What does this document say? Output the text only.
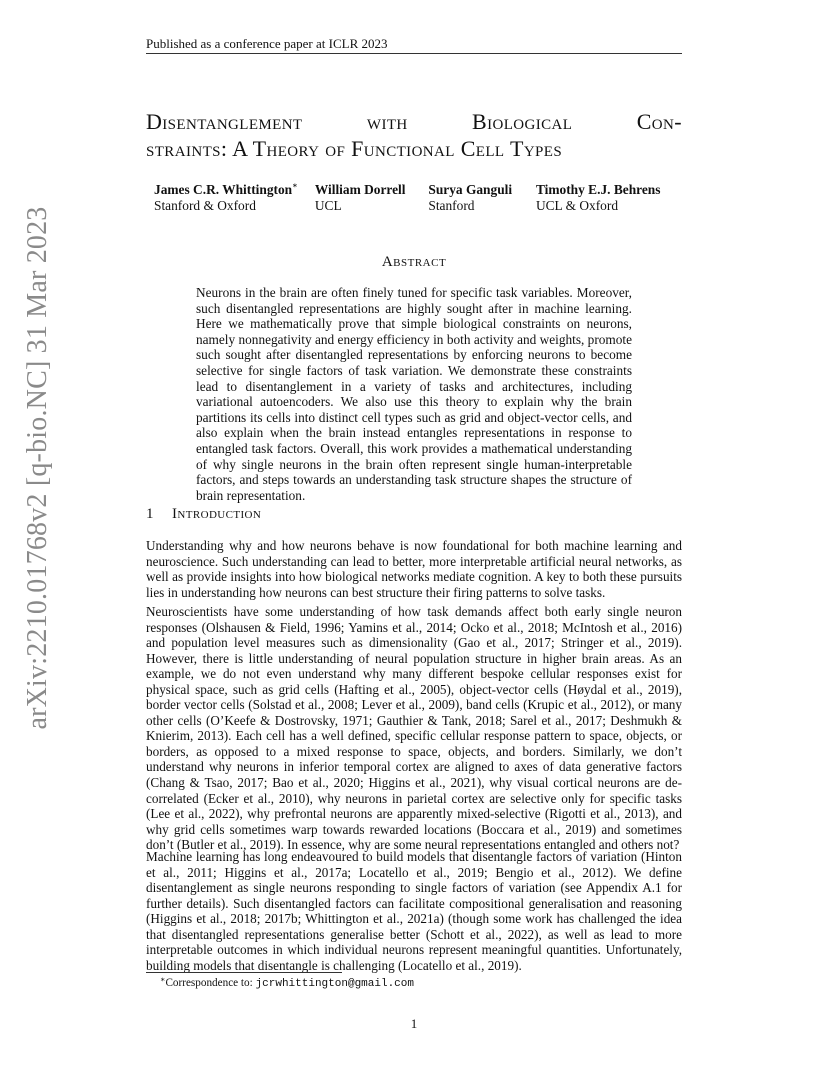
Published as a conference paper at ICLR 2023
arXiv:2210.01768v2 [q-bio.NC] 31 Mar 2023
Disentanglement with Biological Con-
straints: A Theory of Functional Cell Types
James C.R. Whittington∗
Stanford & Oxford
William Dorrell
UCL
Surya Ganguli
Stanford
Timothy E.J. Behrens
UCL & Oxford
Abstract
Neurons in the brain are often finely tuned for specific task variables. Moreover, such disentangled representations are highly sought after in machine learning. Here we mathematically prove that simple biological constraints on neurons, namely nonnegativity and energy efficiency in both activity and weights, promote such sought after disentangled representations by enforcing neurons to become selective for single factors of task variation. We demonstrate these constraints lead to disentanglement in a variety of tasks and architectures, including variational autoencoders. We also use this theory to explain why the brain partitions its cells into distinct cell types such as grid and object-vector cells, and also explain when the brain instead entangles representations in response to entangled task factors. Overall, this work provides a mathematical understanding of why single neurons in the brain often represent single human-interpretable factors, and steps towards an understanding task structure shapes the structure of brain representation.
1 Introduction
Understanding why and how neurons behave is now foundational for both machine learning and neuroscience. Such understanding can lead to better, more interpretable artificial neural networks, as well as provide insights into how biological networks mediate cognition. A key to both these pursuits lies in understanding how neurons can best structure their firing patterns to solve tasks.
Neuroscientists have some understanding of how task demands affect both early single neuron responses (Olshausen & Field, 1996; Yamins et al., 2014; Ocko et al., 2018; McIntosh et al., 2016) and population level measures such as dimensionality (Gao et al., 2017; Stringer et al., 2019). However, there is little understanding of neural population structure in higher brain areas. As an example, we do not even understand why many different bespoke cellular responses exist for physical space, such as grid cells (Hafting et al., 2005), object-vector cells (Høydal et al., 2019), border vector cells (Solstad et al., 2008; Lever et al., 2009), band cells (Krupic et al., 2012), or many other cells (O’Keefe & Dostrovsky, 1971; Gauthier & Tank, 2018; Sarel et al., 2017; Deshmukh & Knierim, 2013). Each cell has a well defined, specific cellular response pattern to space, objects, or borders, as opposed to a mixed response to space, objects, and borders. Similarly, we don’t understand why neurons in inferior temporal cortex are aligned to axes of data generative factors (Chang & Tsao, 2017; Bao et al., 2020; Higgins et al., 2021), why visual cortical neurons are de-correlated (Ecker et al., 2010), why neurons in parietal cortex are selective only for specific tasks (Lee et al., 2022), why prefrontal neurons are apparently mixed-selective (Rigotti et al., 2013), and why grid cells sometimes warp towards rewarded locations (Boccara et al., 2019) and sometimes don’t (Butler et al., 2019). In essence, why are some neural representations entangled and others not?
Machine learning has long endeavoured to build models that disentangle factors of variation (Hinton et al., 2011; Higgins et al., 2017a; Locatello et al., 2019; Bengio et al., 2012). We define disentanglement as single neurons responding to single factors of variation (see Appendix A.1 for further details). Such disentangled factors can facilitate compositional generalisation and reasoning (Higgins et al., 2018; 2017b; Whittington et al., 2021a) (though some work has challenged the idea that disentangled representations generalise better (Schott et al., 2022), as well as lead to more interpretable outcomes in which individual neurons represent meaningful quantities. Unfortunately, building models that disentangle is challenging (Locatello et al., 2019).
∗Correspondence to: jcrwhittington@gmail.com
1
